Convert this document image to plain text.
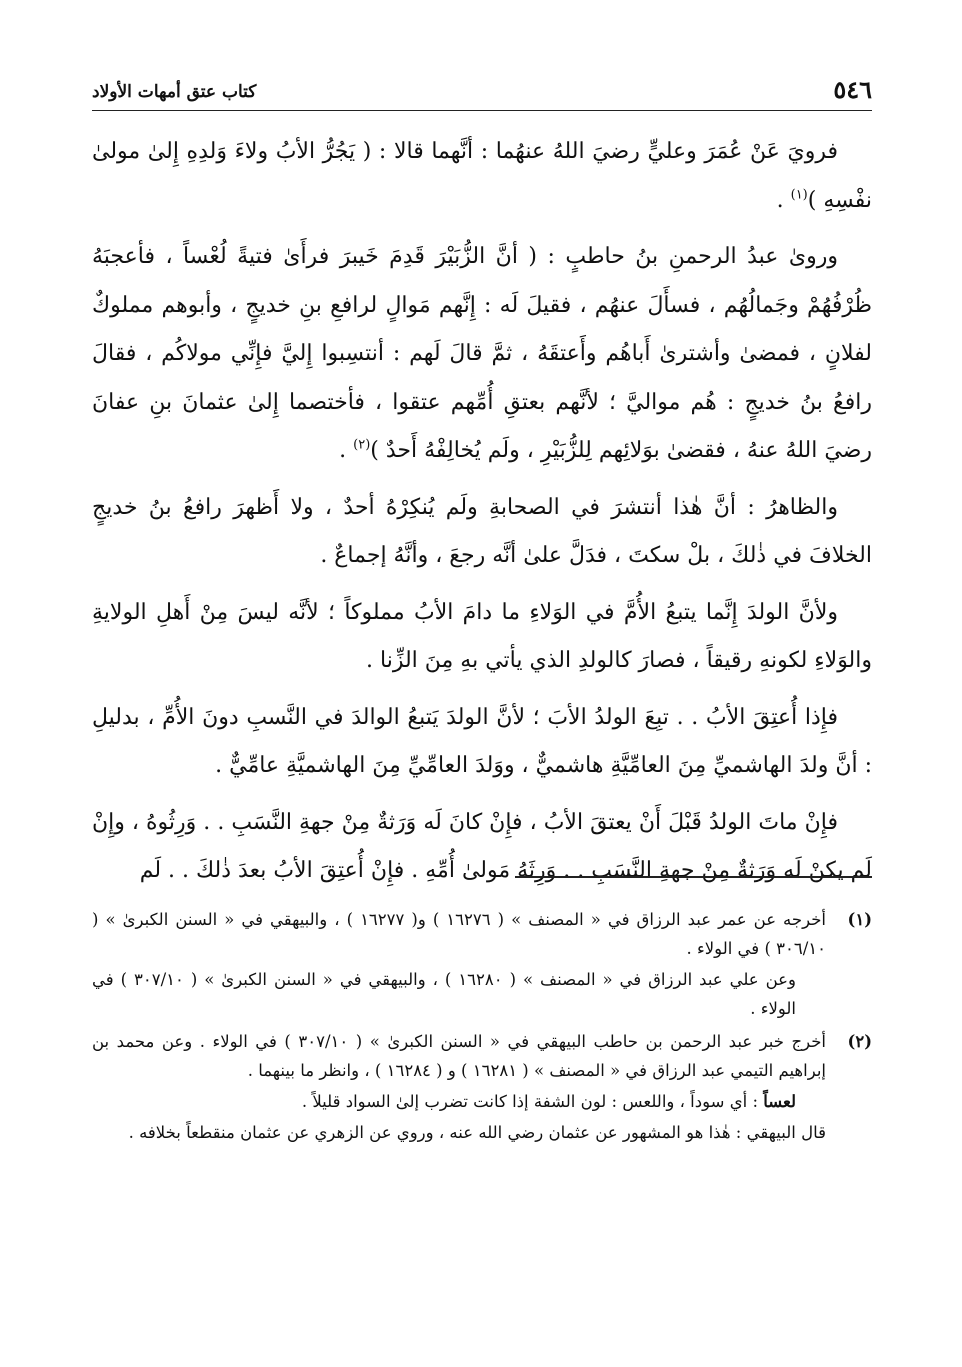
٥٤٦
كتاب عتق أمهات الأولاد

فرويَ عَنْ عُمَرَ وعليٍّ رضيَ اللهُ عنهُما : أنَّهما قالا : ( يَجُرُّ الأبُ ولاءَ وَلدِهِ إِلىٰ مولىٰ نفْسِهِ )$^{(١)}$ .

وروىٰ عبدُ الرحمنِ بنُ حاطبٍ : ( أنَّ الزُّبَيْرَ قَدِمَ خَيبرَ فرأَىٰ فتيةً لُعْساً ، فأعجبَهُ ظُرْفُهُمْ وجَمالُهُم ، فسأَلَ عنهُم ، فقيلَ لَه : إِنَّهم مَوالٍ لرافعِ بنِ خديجٍ ، وأبوهم مملوكٌ لفلانٍ ، فمضىٰ وأشترىٰ أَباهُم وأَعتقَهُ ، ثمَّ قالَ لَهم : أنتسِبوا إِليَّ فإِنِّي مولاكُم ، فقالَ رافعُ بنُ خديجٍ : هُم مواليَّ ؛ لأنَّهم بعتقِ أُمِّهم عتقوا ، فأختصما إِلىٰ عثمانَ بنِ عفانَ رضيَ اللهُ عنهُ ، فقضىٰ بوَلائِهم لِلزُّبَيْرِ ، ولَم يُخالِفْهُ أَحدٌ )$^{(٢)}$ .

والظاهرُ : أنَّ هٰذا أنتشرَ في الصحابةِ ولَم يُنكِرْهُ أحدٌ ، ولا أَظهرَ رافعُ بنُ خديجٍ الخلافَ في ذٰلكَ ، بلْ سكتَ ، فدَلَّ علىٰ أنَّه رجعَ ، وأنَّهُ إجماعٌ .

ولأنَّ الولدَ إِنَّما يتبعُ الأُمَّ في الوَلاءِ ما دامَ الأبُ مملوكاً ؛ لأنَّه ليسَ مِنْ أَهلِ الولايةِ والوَلاءِ لكونهِ رقيقاً ، فصارَ كالولدِ الذي يأتي بهِ مِنَ الزِّنا .

فإِذا أُعتِقَ الأبُ . . تبِعَ الولدُ الأبَ ؛ لأنَّ الولدَ يَتبعُ الوالدَ في النَّسبِ دونَ الأُمِّ ، بدليلِ : أنَّ ولدَ الهاشميِّ مِنَ العامِّيَّةِ هاشميٌّ ، ووَلدَ العامِّيِّ مِنَ الهاشميَّةِ عامِّيٌّ .

فإِنْ ماتَ الولدُ قَبْلَ أَنْ يعتقَ الأبُ ، فإِنْ كانَ لَه وَرَثةٌ مِنْ جهةِ النَّسَبِ . . وَرِثُوهُ ، وإِنْ لَم يكنْ لَه وَرَثةٌ مِنْ جهةِ النَّسَبِ . . وَرِثَهُ مَولىٰ أُمِّهِ . فإِنْ أُعتِقَ الأبُ بعدَ ذٰلكَ . . لَم

(١)

أخرجه عن عمر عبد الرزاق في « المصنف » ( ١٦٢٧٦ ) و( ١٦٢٧٧ ) ، والبيهقي في « السنن الكبرىٰ » ( ٣٠٦/١٠ ) في الولاء .

وعن علي عبد الرزاق في « المصنف » ( ١٦٢٨٠ ) ، والبيهقي في « السنن الكبرىٰ » ( ٣٠٧/١٠ ) في الولاء .

(٢)

أخرج خبر عبد الرحمن بن حاطب البيهقي في « السنن الكبرىٰ » ( ٣٠٧/١٠ ) في الولاء . وعن محمد بن إبراهيم التيمي عبد الرزاق في « المصنف » ( ١٦٢٨١ ) و ( ١٦٢٨٤ ) ، وانظر ما بينهما .

لعساً : أي سوداً ، واللعس : لون الشفة إذا كانت تضرب إلىٰ السواد قليلاً .

قال البيهقي : هٰذا هو المشهور عن عثمان رضي الله عنه ، وروي عن الزهري عن عثمان منقطعاً بخلافه .
